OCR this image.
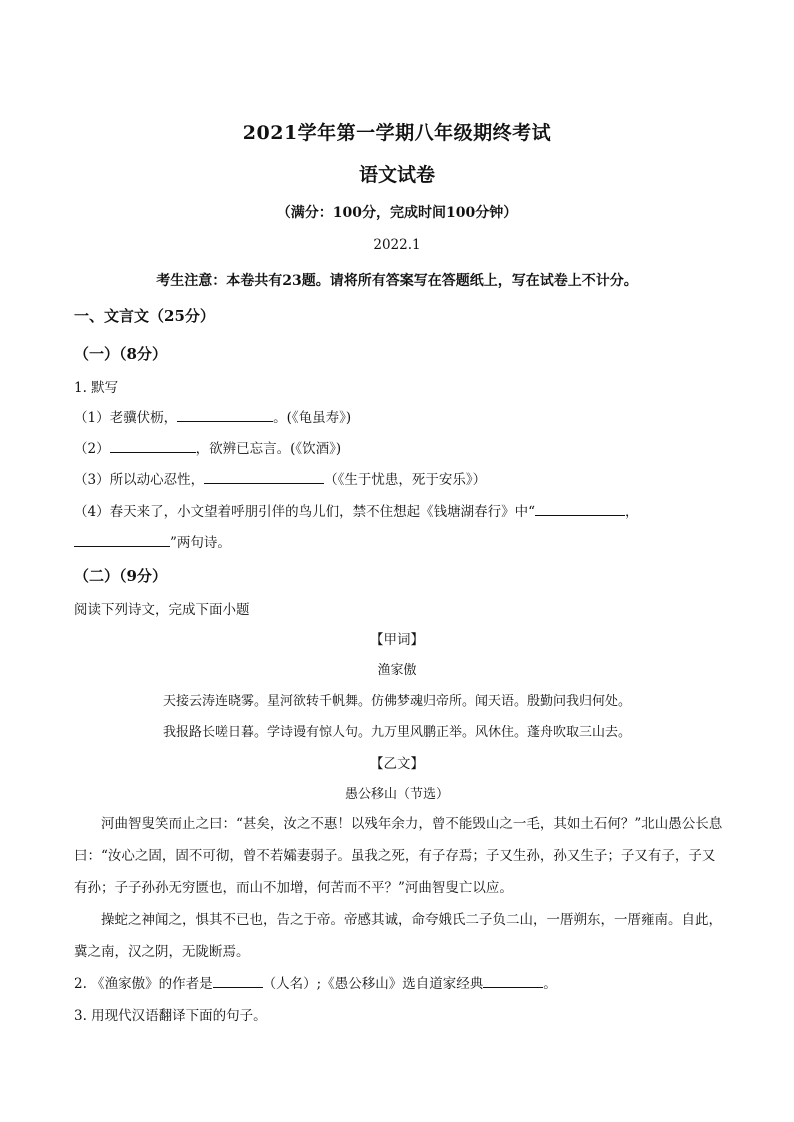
2021学年第一学期八年级期终考试
语文试卷
（满分：100分，完成时间100分钟）
2022.1
考生注意：本卷共有23题。请将所有答案写在答题纸上，写在试卷上不计分。
一、文言文（25分）
（一）（8分）
1. 默写
（1）老骥伏枥，	。(《龟虽寿》)
（2）	，欲辨已忘言。(《饮酒》)
（3）所以动心忍性，	（《生于忧患，死于安乐》）
（4）春天来了，小文望着呼朋引伴的鸟儿们，禁不住想起《钱塘湖春行》中“	，
”两句诗。
（二）（9分）
阅读下列诗文，完成下面小题
【甲词】
渔家傲
天接云涛连晓雾。星河欲转千帆舞。仿佛梦魂归帝所。闻天语。殷勤问我归何处。
我报路长嗟日暮。学诗谩有惊人句。九万里风鹏正举。风休住。蓬舟吹取三山去。
【乙文】
愚公移山（节选）
河曲智叟笑而止之曰：“甚矣，汝之不惠！以残年余力，曾不能毁山之一毛，其如土石何？”北山愚公长息曰：“汝心之固，固不可彻，曾不若孀妻弱子。虽我之死，有子存焉；子又生孙，孙又生子；子又有子，子又有孙；子子孙孙无穷匮也，而山不加增，何苦而不平？”河曲智叟亡以应。
操蛇之神闻之，惧其不已也，告之于帝。帝感其诚，命夸娥氏二子负二山，一厝朔东，一厝雍南。自此，冀之南，汉之阴，无陇断焉。
2. 《渔家傲》的作者是	（人名）;《愚公移山》选自道家经典	。
3. 用现代汉语翻译下面的句子。
